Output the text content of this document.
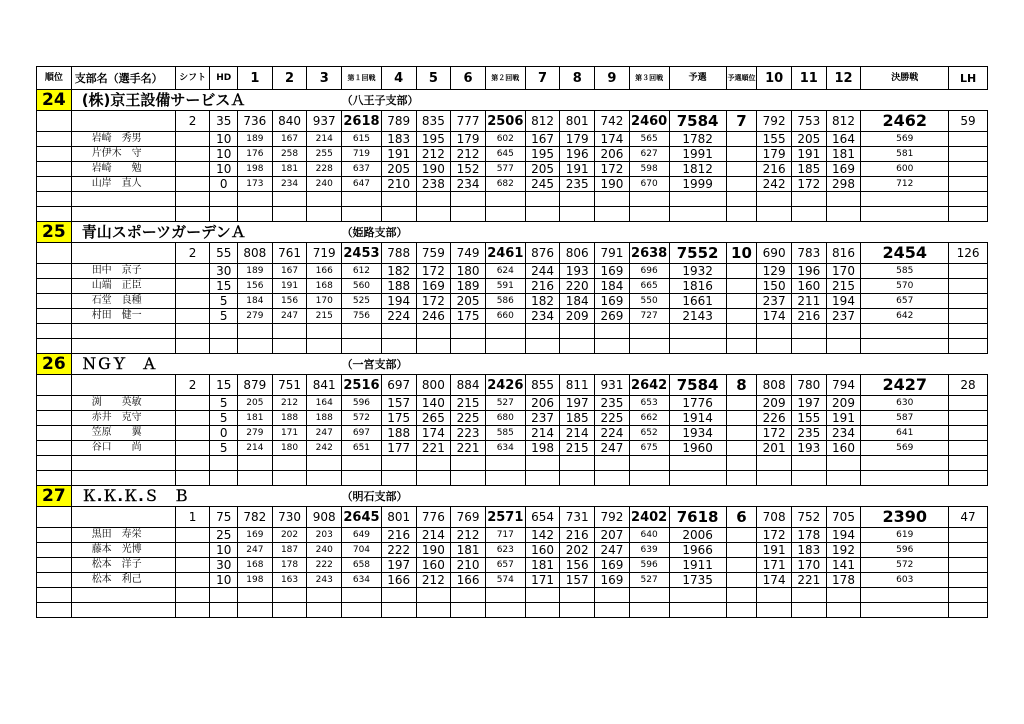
順位	支部名（選手名）	シフト	HD	1	2	3	第１回戦	4	5	6	第２回戦	7	8	9	第３回戦	予選	予選順位	10	11	12	決勝戦	LH
24	(株)京王設備サービスＡ						（八王子支部）															
		2	35	736	840	937	2618	789	835	777	2506	812	801	742	2460	7584	7	792	753	812	2462	59
	岩崎　秀男		10	189	167	214	615	183	195	179	602	167	179	174	565	1782		155	205	164	569	
	片伊木　守		10	176	258	255	719	191	212	212	645	195	196	206	627	1991		179	191	181	581	
	岩崎　　勉		10	198	181	228	637	205	190	152	577	205	191	172	598	1812		216	185	169	600	
	山岸　直人		0	173	234	240	647	210	238	234	682	245	235	190	670	1999		242	172	298	712	

25	青山スポーツガーデンＡ						（姫路支部）															
		2	55	808	761	719	2453	788	759	749	2461	876	806	791	2638	7552	10	690	783	816	2454	126
	田中　京子		30	189	167	166	612	182	172	180	624	244	193	169	696	1932		129	196	170	585	
	山端　正臣		15	156	191	168	560	188	169	189	591	216	220	184	665	1816		150	160	215	570	
	石堂　良種		5	184	156	170	525	194	172	205	586	182	184	169	550	1661		237	211	194	657	
	村田　健一		5	279	247	215	756	224	246	175	660	234	209	269	727	2143		174	216	237	642	

26	ＮＧＹ　Ａ						（一宮支部）															
		2	15	879	751	841	2516	697	800	884	2426	855	811	931	2642	7584	8	808	780	794	2427	28
	渕　　英敏		5	205	212	164	596	157	140	215	527	206	197	235	653	1776		209	197	209	630	
	赤井　克守		5	181	188	188	572	175	265	225	680	237	185	225	662	1914		226	155	191	587	
	笠原　　翼		0	279	171	247	697	188	174	223	585	214	214	224	652	1934		172	235	234	641	
	谷口　　尚		5	214	180	242	651	177	221	221	634	198	215	247	675	1960		201	193	160	569	

27	Ｋ.Ｋ.Ｋ.Ｓ　Ｂ						（明石支部）															
		1	75	782	730	908	2645	801	776	769	2571	654	731	792	2402	7618	6	708	752	705	2390	47
	黒田　寿栄		25	169	202	203	649	216	214	212	717	142	216	207	640	2006		172	178	194	619	
	藤本　光博		10	247	187	240	704	222	190	181	623	160	202	247	639	1966		191	183	192	596	
	松本　洋子		30	168	178	222	658	197	160	210	657	181	156	169	596	1911		171	170	141	572	
	松本　利己		10	198	163	243	634	166	212	166	574	171	157	169	527	1735		174	221	178	603	
